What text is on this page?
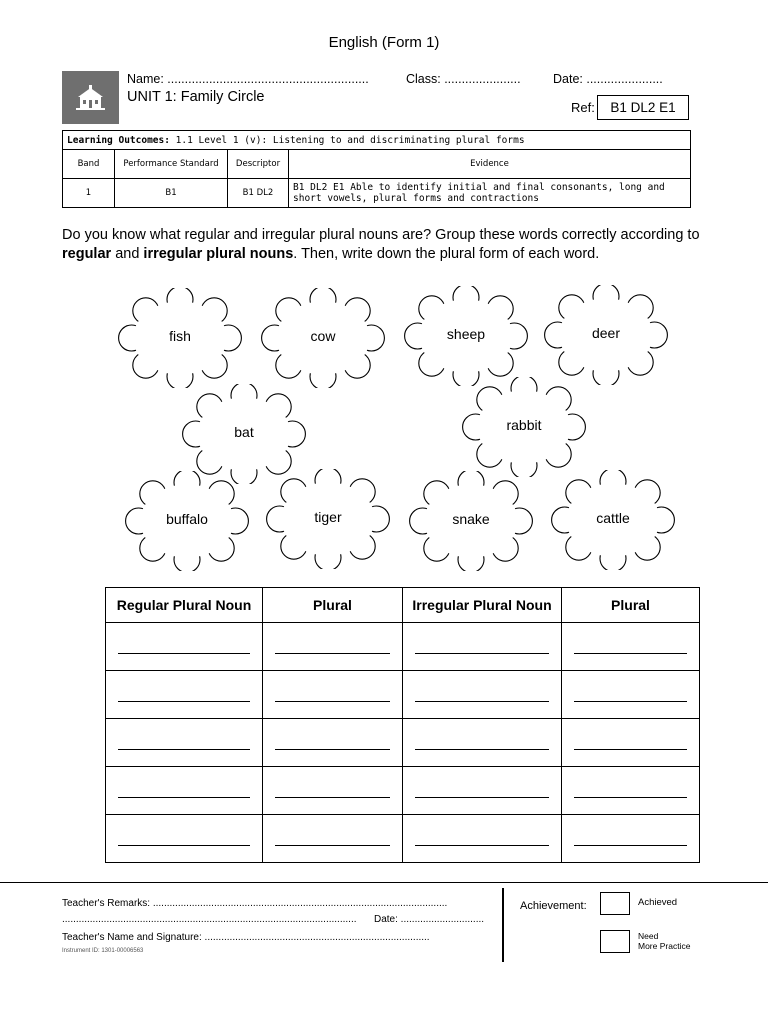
English (Form 1)
Name: ..........................................................	Class: ......................	Date: ......................
UNIT 1: Family Circle
Ref:	B1 DL2 E1
Learning Outcomes: 1.1 Level 1 (v): Listening to and discriminating plural forms			
Band	Performance Standard	Descriptor	Evidence
1	B1	B1 DL2	B1 DL2 E1 Able to identify initial and final consonants, long and short vowels, plural forms and contractions
Do you know what regular and irregular plural nouns are? Group these words correctly according to regular and irregular plural nouns. Then, write down the plural form of each word.
fish	cow	sheep	deer
bat	rabbit
buffalo	tiger	snake	cattle
Regular Plural Noun	Plural	Irregular Plural Noun	Plural

Teacher's Remarks: ..........................................................................................................
.......................................................................................................... Date: ..............................
Teacher's Name and Signature: .................................................................................
Instrument ID: 1301-00006563
Achievement:	Achieved
Need
More Practice
